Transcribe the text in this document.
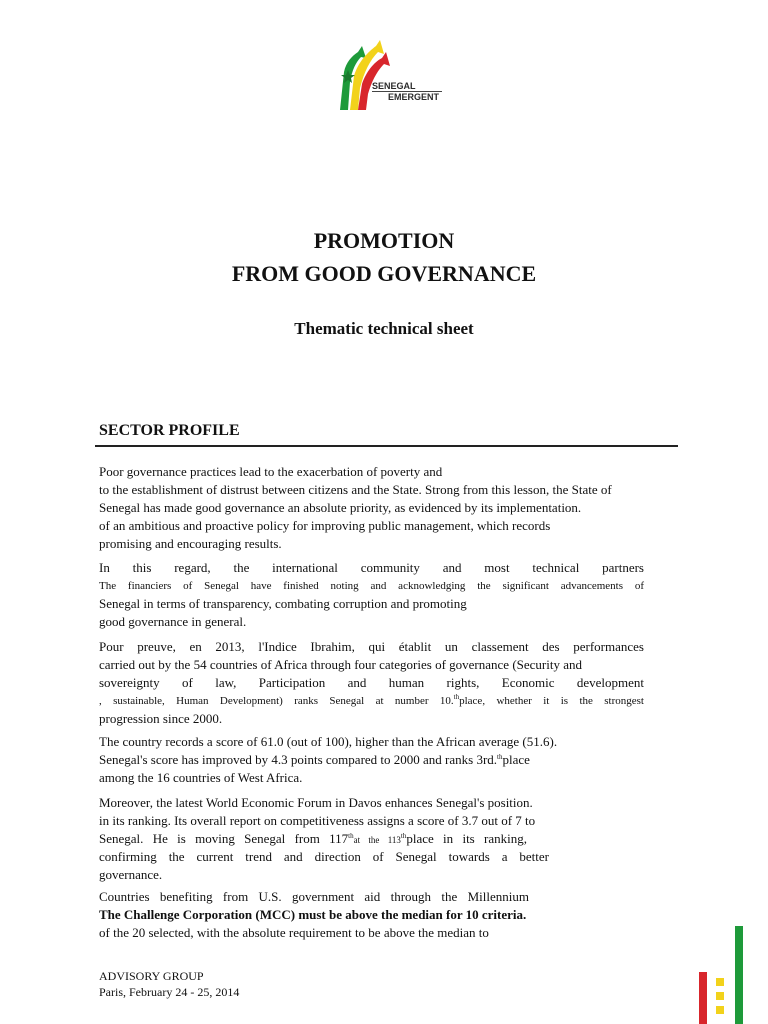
SENEGAL
EMERGENT
PROMOTION
FROM GOOD GOVERNANCE
Thematic technical sheet
SECTOR PROFILE
Poor governance practices lead to the exacerbation of poverty and
to the establishment of distrust between citizens and the State. Strong from this lesson, the State of
Senegal has made good governance an absolute priority, as evidenced by its implementation.
of an ambitious and proactive policy for improving public management, which records
promising and encouraging results.
In this regard, the international community and most technical partners
The financiers of Senegal have finished noting and acknowledging the significant advancements of
Senegal in terms of transparency, combating corruption and promoting
good governance in general.
Pour preuve, en 2013, l'Indice Ibrahim, qui établit un classement des performances
carried out by the 54 countries of Africa through four categories of governance (Security and
sovereignty of law, Participation and human rights, Economic development
, sustainable, Human Development) ranks Senegal at number 10.$^{th}$place, whether it is the strongest
progression since 2000.
The country records a score of 61.0 (out of 100), higher than the African average (51.6).
Senegal's score has improved by 4.3 points compared to 2000 and ranks 3rd.$^{th}$place
among the 16 countries of West Africa.
Moreover, the latest World Economic Forum in Davos enhances Senegal's position.
in its ranking. Its overall report on competitiveness assigns a score of 3.7 out of 7 to
Senegal. He is moving Senegal from 117that the 113thplace in its ranking,
confirming the current trend and direction of Senegal towards a better
governance.
Countries benefiting from U.S. government aid through the Millennium
The Challenge Corporation (MCC) must be above the median for 10 criteria.
of the 20 selected, with the absolute requirement to be above the median to
ADVISORY GROUP
Paris, February 24 - 25, 2014
